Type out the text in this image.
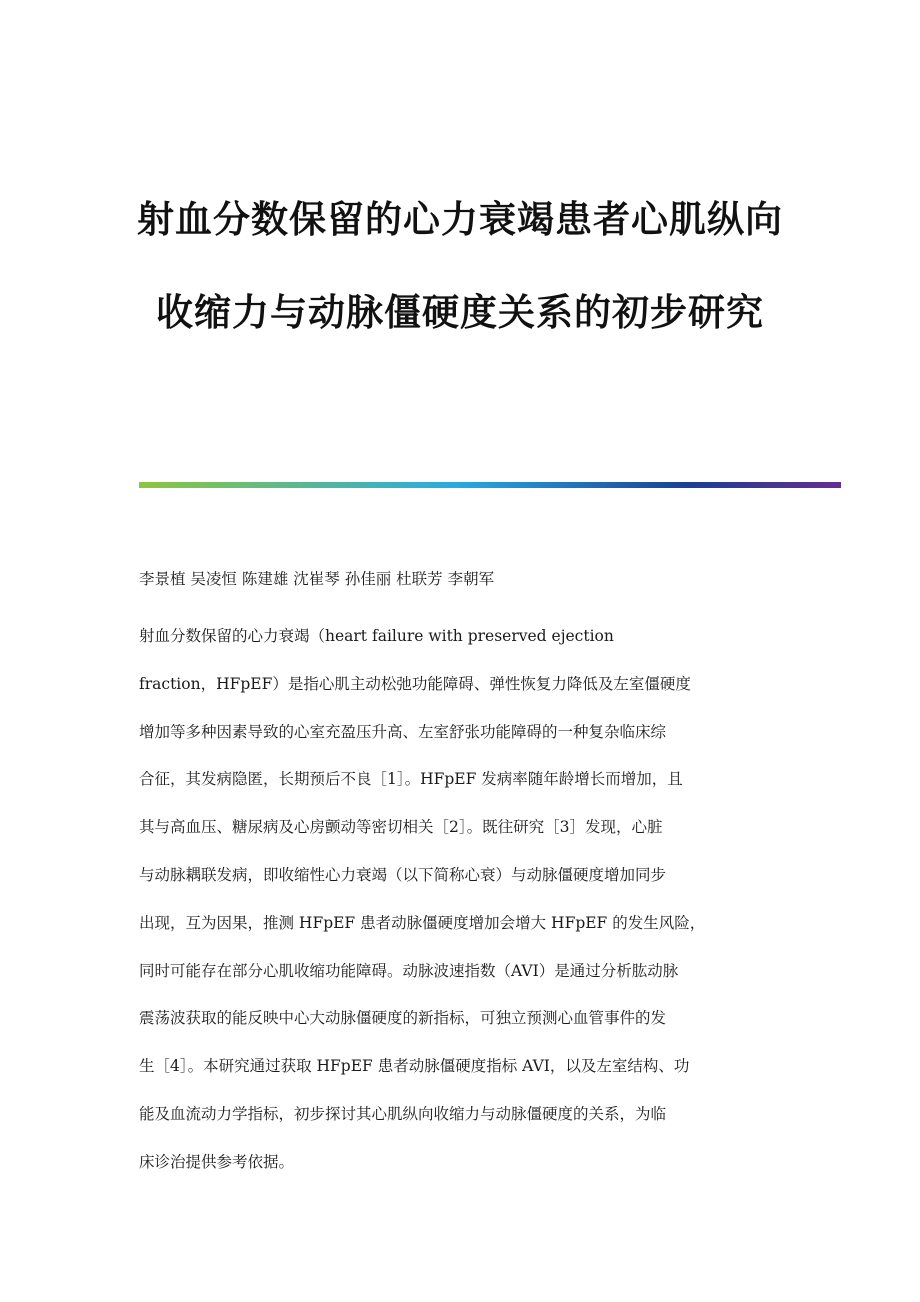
射血分数保留的心力衰竭患者心肌纵向

收缩力与动脉僵硬度关系的初步研究

李景植 吴凌恒 陈建雄 沈崔琴 孙佳丽 杜联芳 李朝军

射血分数保留的心力衰竭（heart failure with preserved ejection

fraction，HFpEF）是指心肌主动松弛功能障碍、弹性恢复力降低及左室僵硬度

增加等多种因素导致的心室充盈压升高、左室舒张功能障碍的一种复杂临床综

合征，其发病隐匿，长期预后不良［1］。HFpEF 发病率随年龄增长而增加，且

其与高血压、糖尿病及心房颤动等密切相关［2］。既往研究［3］发现，心脏

与动脉耦联发病，即收缩性心力衰竭（以下简称心衰）与动脉僵硬度增加同步

出现，互为因果，推测 HFpEF 患者动脉僵硬度增加会增大 HFpEF 的发生风险，

同时可能存在部分心肌收缩功能障碍。动脉波速指数（AVI）是通过分析肱动脉

震荡波获取的能反映中心大动脉僵硬度的新指标，可独立预测心血管事件的发

生［4］。本研究通过获取 HFpEF 患者动脉僵硬度指标 AVI，以及左室结构、功

能及血流动力学指标，初步探讨其心肌纵向收缩力与动脉僵硬度的关系，为临

床诊治提供参考依据。
